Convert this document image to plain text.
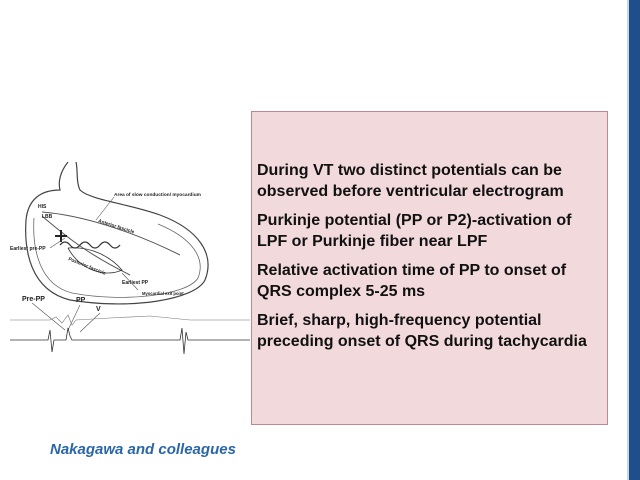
HIS
LBB
Area of slow conduction/ myocardium
Anterior fascicle
Posterior fascicle
Earliest pre-PP
Earliest PP
Myocardial exit point
Pre-PP	PP
V

During VT two distinct potentials can be observed before ventricular electrogram

Purkinje potential (PP or P2)-activation of LPF or Purkinje fiber near LPF

Relative activation time of PP to onset of QRS complex 5-25 ms

Brief, sharp, high-frequency potential preceding onset of QRS during tachycardia

Nakagawa and colleagues
